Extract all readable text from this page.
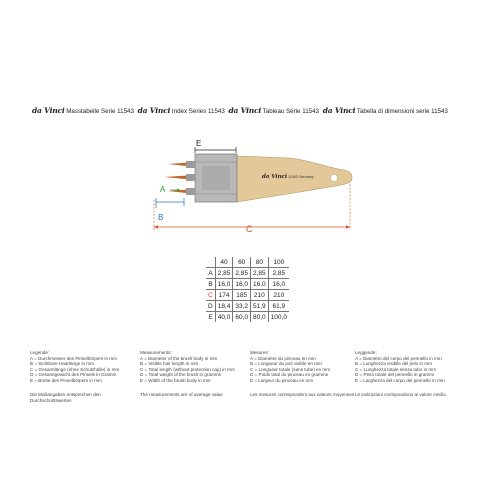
da Vinci Masstabelle Serie 11543 da Vinci Index Series 11543 da Vinci Tableau Série 11543 da Vinci Tabella di dimensioni serie 11543
E
da Vinci 11543 Germany
A
B
C
	40	60	80	100
A	2,85	2,85	2,85	2,85
B	16,0	16,0	16,0	16,0
C	174	185	210	210
D	18,4	33,2	51,9	61,9
E	40,0	60,0	80,0	100,0
Legende:
A = Durchmesser des Pinselkörpers in mm
B = Sichtbare Haarlänge in mm
C = Gesamtlänge (ohne Schutzhülle) in mm
D = Gesamtgewicht des Pinsels in Gramm
E = Breite des Pinselkörpers in mm
Die Maßangaben entsprechen den Durchschnittswerten
Measurements:
A = Diameter of the brush body in mm
B = Visible hair length in mm
C = Total length (without protection cap) in mm
D = Total weight of the brush in gramms
E = Width of the brush body in mm
The measurements are of average value
Mesures:
A = Diamètre du pinceau en mm
B = Longueur du poil visible en mm
C = Longueur totale (sans tube) en mm
D = Poids total du pinceau en gramme
E = Largeur du pinceau en mm
Les mesures correspondent aux valeurs moyennes
Leggende:
A = Diametro del corpo del pennello in mm
B = Lunghezza visibile del pelo in mm
C = Lunghezza totale senza tubo in mm
D = Peso totale del pennello in grammi
E = Larghezza del corpo del pennello in mm
Le indicazioni corrispondono ai valore medio.
